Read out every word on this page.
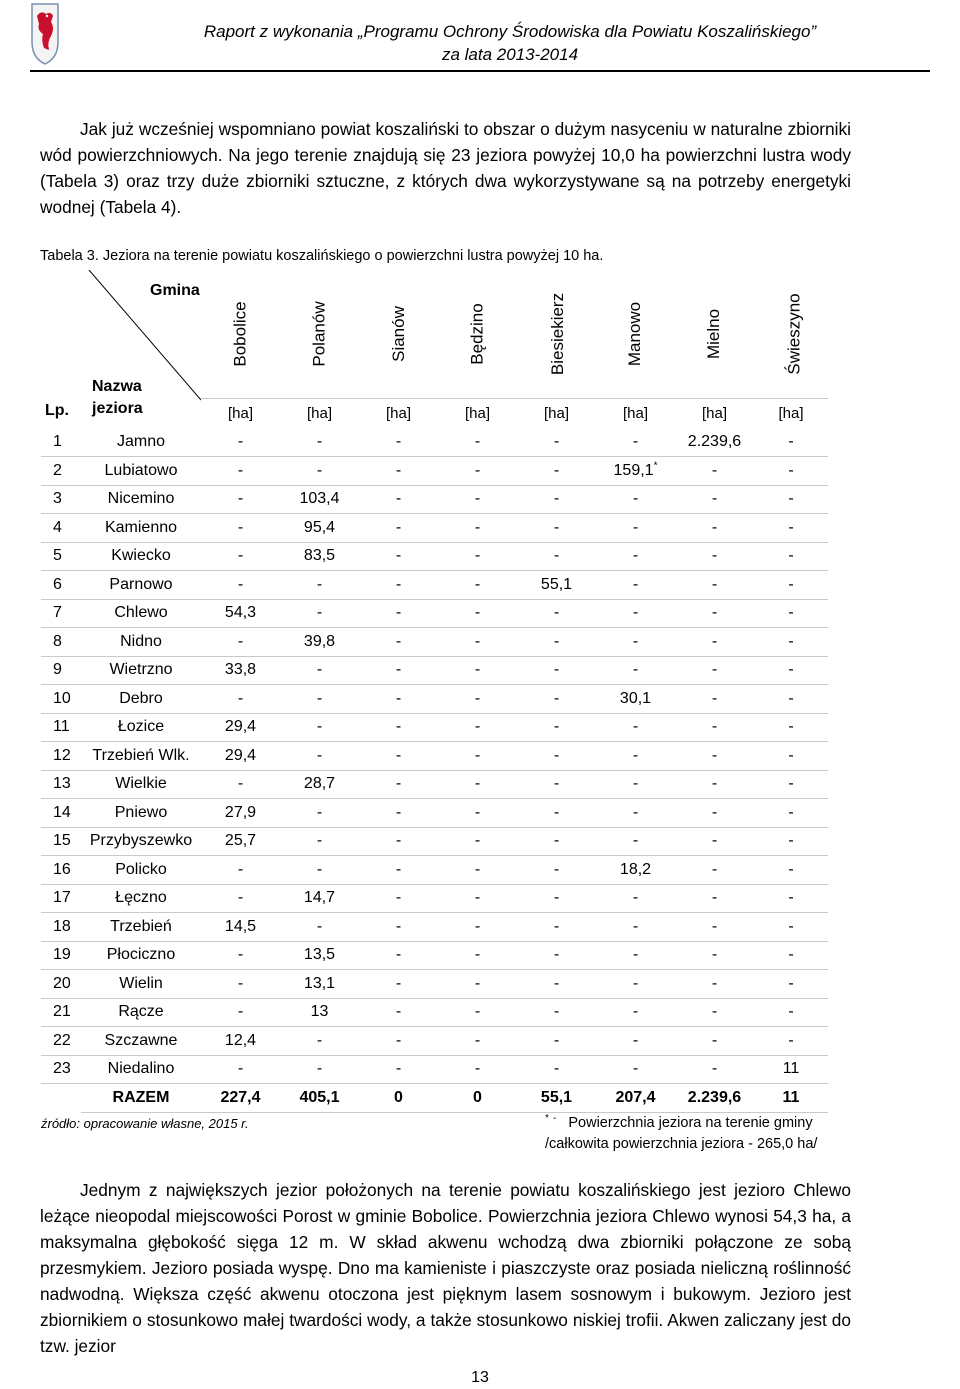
Raport z wykonania „Programu Ochrony Środowiska dla Powiatu Koszalińskiego”
za lata 2013-2014

Jak już wcześniej wspomniano powiat koszaliński to obszar o dużym nasyceniu w naturalne zbiorniki wód powierzchniowych. Na jego terenie znajdują się 23 jeziora powyżej 10,0 ha powierzchni lustra wody (Tabela 3) oraz trzy duże zbiorniki sztuczne, z których dwa wykorzystywane są na potrzeby energetyki wodnej (Tabela 4).

Tabela 3. Jeziora na terenie powiatu koszalińskiego o powierzchni lustra powyżej 10 ha.
Gmina
Nazwa
jeziora
Lp.		Bobolice	Polanów	Sianów	Będzino	Biesiekierz	Manowo	Mielno	Świeszyno
		[ha]	[ha]	[ha]	[ha]	[ha]	[ha]	[ha]	[ha]
1	Jamno	-	-	-	-	-	-	2.239,6	-
2	Lubiatowo	-	-	-	-	-	159,1*	-	-
3	Nicemino	-	103,4	-	-	-	-	-	-
4	Kamienno	-	95,4	-	-	-	-	-	-
5	Kwiecko	-	83,5	-	-	-	-	-	-
6	Parnowo	-	-	-	-	55,1	-	-	-
7	Chlewo	54,3	-	-	-	-	-	-	-
8	Nidno	-	39,8	-	-	-	-	-	-
9	Wietrzno	33,8	-	-	-	-	-	-	-
10	Debro	-	-	-	-	-	30,1	-	-
11	Łozice	29,4	-	-	-	-	-	-	-
12	Trzebień Wlk.	29,4	-	-	-	-	-	-	-
13	Wielkie	-	28,7	-	-	-	-	-	-
14	Pniewo	27,9	-	-	-	-	-	-	-
15	Przybyszewko	25,7	-	-	-	-	-	-	-
16	Policko	-	-	-	-	-	18,2	-	-
17	Łęczno	-	14,7	-	-	-	-	-	-
18	Trzebień	14,5	-	-	-	-	-	-	-
19	Płociczno	-	13,5	-	-	-	-	-	-
20	Wielin	-	13,1	-	-	-	-	-	-
21	Rącze	-	13	-	-	-	-	-	-
22	Szczawne	12,4	-	-	-	-	-	-	-
23	Niedalino	-	-	-	-	-	-	-	11
	RAZEM	227,4	405,1	0	0	55,1	207,4	2.239,6	11
źródło: opracowanie własne, 2015 r.	* - Powierzchnia jeziora na terenie gminy
/całkowita powierzchnia jeziora - 265,0 ha/

Jednym z największych jezior położonych na terenie powiatu koszalińskiego jest jezioro Chlewo leżące nieopodal miejscowości Porost w gminie Bobolice. Powierzchnia jeziora Chlewo wynosi 54,3 ha, a maksymalna głębokość sięga 12 m. W skład akwenu wchodzą dwa zbiorniki połączone ze sobą przesmykiem. Jezioro posiada wyspę. Dno ma kamieniste i piaszczyste oraz posiada nieliczną roślinność nadwodną. Większa część akwenu otoczona jest pięknym lasem sosnowym i bukowym. Jezioro jest zbiornikiem o stosunkowo małej twardości wody, a także stosunkowo niskiej trofii. Akwen zaliczany jest do tzw. jezior

13
